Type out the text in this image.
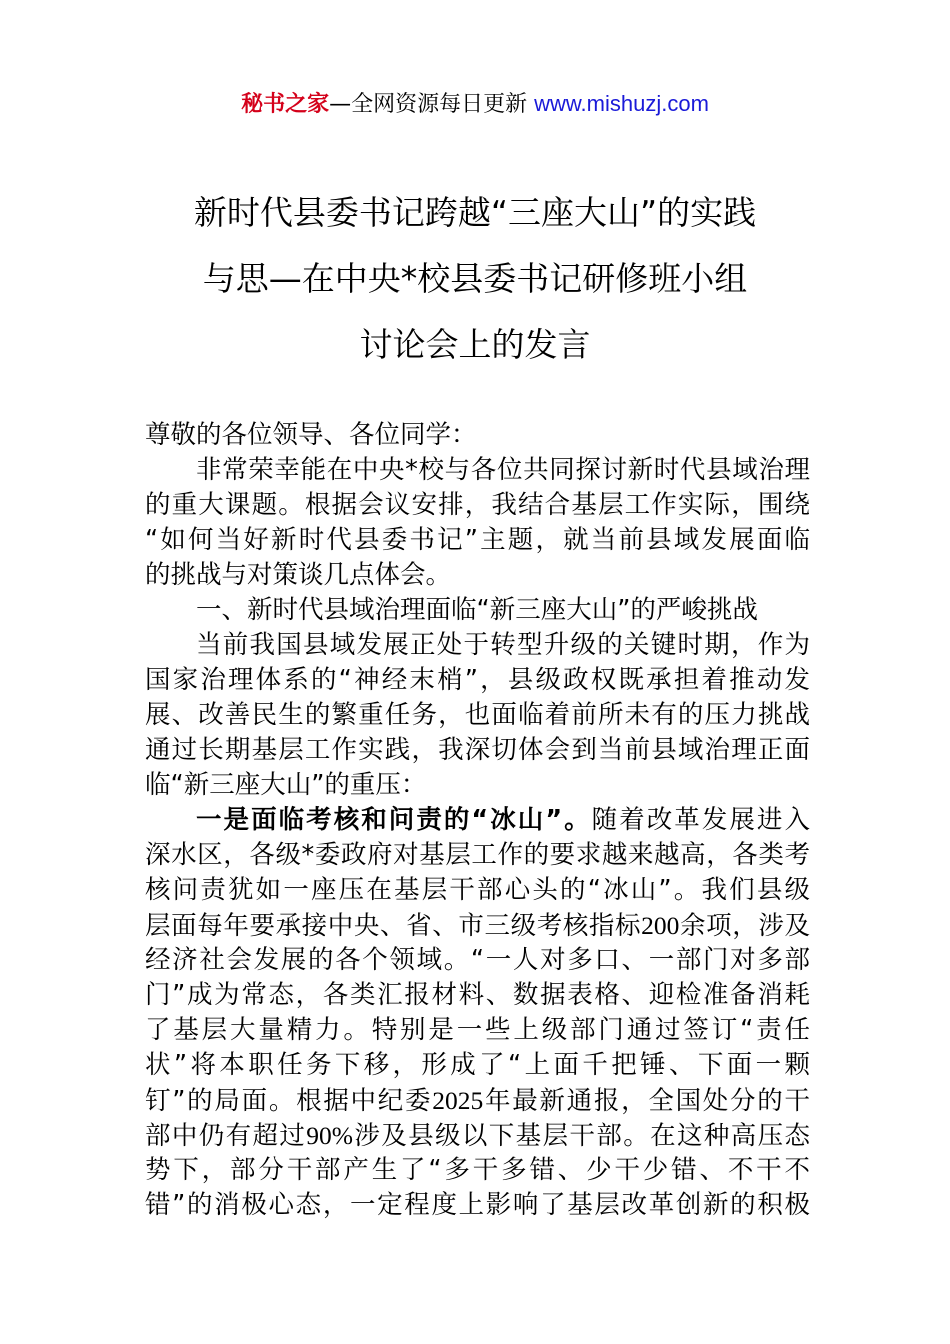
秘书之家—全网资源每日更新 www.mishuzj.com
新时代县委书记跨越“三座大山”的实践
与思—在中央*校县委书记研修班小组
讨论会上的发言
尊敬的各位领导、各位同学：
非常荣幸能在中央*校与各位共同探讨新时代县域治理
的重大课题。根据会议安排，我结合基层工作实际，围绕
“如何当好新时代县委书记”主题，就当前县域发展面临
的挑战与对策谈几点体会。
一、新时代县域治理面临“新三座大山”的严峻挑战
当前我国县域发展正处于转型升级的关键时期，作为
国家治理体系的“神经末梢”，县级政权既承担着推动发
展、改善民生的繁重任务，也面临着前所未有的压力挑战
通过长期基层工作实践，我深切体会到当前县域治理正面
临“新三座大山”的重压：
一是面临考核和问责的“冰山”。随着改革发展进入
深水区，各级*委政府对基层工作的要求越来越高，各类考
核问责犹如一座压在基层干部心头的“冰山”。我们县级
层面每年要承接中央、省、市三级考核指标200余项，涉及
经济社会发展的各个领域。“一人对多口、一部门对多部
门”成为常态，各类汇报材料、数据表格、迎检准备消耗
了基层大量精力。特别是一些上级部门通过签订“责任
状”将本职任务下移，形成了“上面千把锤、下面一颗
钉”的局面。根据中纪委2025年最新通报，全国处分的干
部中仍有超过90%涉及县级以下基层干部。在这种高压态
势下，部分干部产生了“多干多错、少干少错、不干不
错”的消极心态，一定程度上影响了基层改革创新的积极
